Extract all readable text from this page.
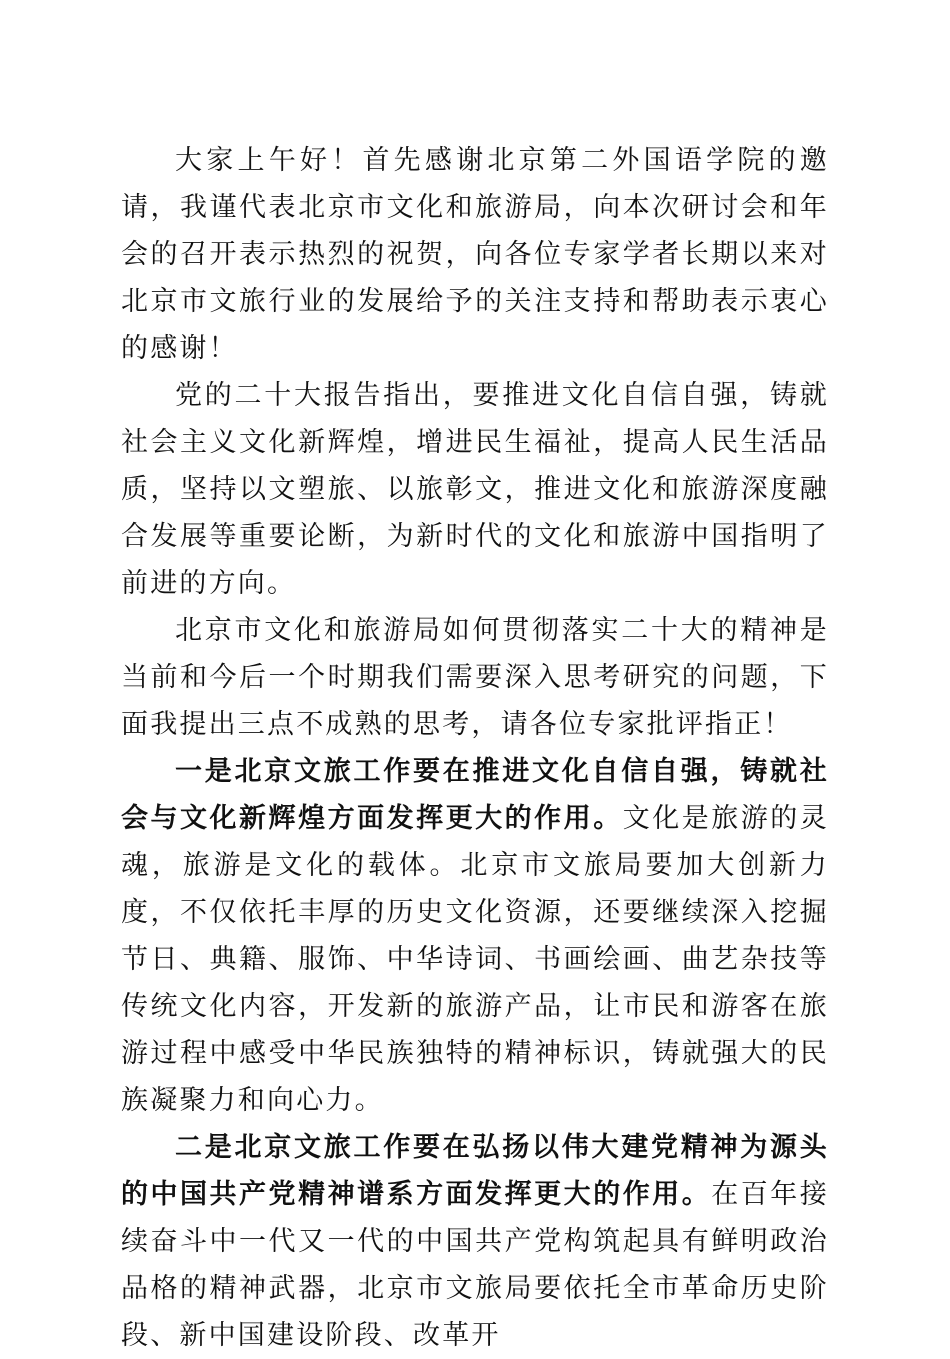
大家上午好！首先感谢北京第二外国语学院的邀请，我谨代表北京市文化和旅游局，向本次研讨会和年会的召开表示热烈的祝贺，向各位专家学者长期以来对北京市文旅行业的发展给予的关注支持和帮助表示衷心的感谢！

党的二十大报告指出，要推进文化自信自强，铸就社会主义文化新辉煌，增进民生福祉，提高人民生活品质，坚持以文塑旅、以旅彰文，推进文化和旅游深度融合发展等重要论断，为新时代的文化和旅游中国指明了前进的方向。

北京市文化和旅游局如何贯彻落实二十大的精神是当前和今后一个时期我们需要深入思考研究的问题，下面我提出三点不成熟的思考，请各位专家批评指正！

一是北京文旅工作要在推进文化自信自强，铸就社会与文化新辉煌方面发挥更大的作用。文化是旅游的灵魂，旅游是文化的载体。北京市文旅局要加大创新力度，不仅依托丰厚的历史文化资源，还要继续深入挖掘节日、典籍、服饰、中华诗词、书画绘画、曲艺杂技等传统文化内容，开发新的旅游产品，让市民和游客在旅游过程中感受中华民族独特的精神标识，铸就强大的民族凝聚力和向心力。

二是北京文旅工作要在弘扬以伟大建党精神为源头的中国共产党精神谱系方面发挥更大的作用。在百年接续奋斗中一代又一代的中国共产党构筑起具有鲜明政治品格的精神武器，北京市文旅局要依托全市革命历史阶段、新中国建设阶段、改革开
